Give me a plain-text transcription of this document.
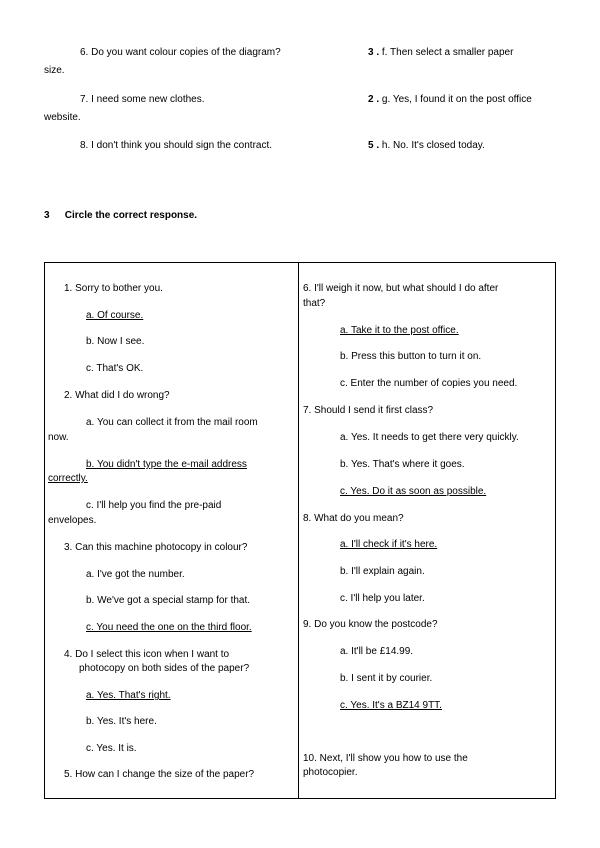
6. Do you want colour copies of the diagram?
size.
3 . f. Then select a smaller paper
7. I need some new clothes.
website.
2 . g. Yes, I found it on the post office
8. I don't think you should sign the contract.	5 . h. No. It's closed today.
3 Circle the correct response.
1. Sorry to bother you.
a. Of course.
b. Now I see.
c. That's OK.
2. What did I do wrong?
a. You can collect it from the mail room
now.
b. You didn't type the e-mail address
correctly.
c. I'll help you find the pre-paid
envelopes.
3. Can this machine photocopy in colour?
a. I've got the number.
b. We've got a special stamp for that.
c. You need the one on the third floor.
4. Do I select this icon when I want to
photocopy on both sides of the paper?
a. Yes. That's right.
b. Yes. It's here.
c. Yes. It is.
5. How can I change the size of the paper?
6. I'll weigh it now, but what should I do after
that?
a. Take it to the post office.
b. Press this button to turn it on.
c. Enter the number of copies you need.
7. Should I send it first class?
a. Yes. It needs to get there very quickly.
b. Yes. That's where it goes.
c. Yes. Do it as soon as possible.
8. What do you mean?
a. I'll check if it's here.
b. I'll explain again.
c. I'll help you later.
9. Do you know the postcode?
a. It'll be £14.99.
b. I sent it by courier.
c. Yes. It's a BZ14 9TT.
10. Next, I'll show you how to use the
photocopier.
